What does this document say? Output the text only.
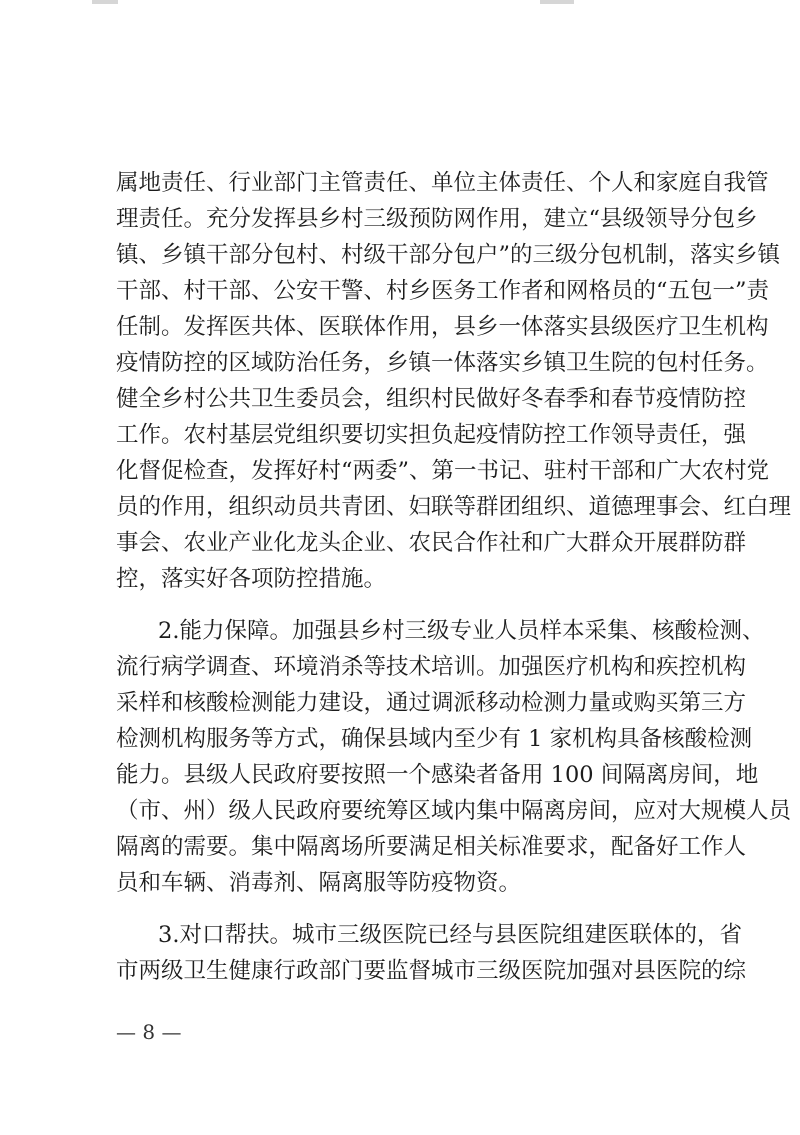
属地责任、行业部门主管责任、单位主体责任、个人和家庭自我管
理责任。充分发挥县乡村三级预防网作用，建立“县级领导分包乡
镇、乡镇干部分包村、村级干部分包户”的三级分包机制，落实乡镇
干部、村干部、公安干警、村乡医务工作者和网格员的“五包一”责
任制。发挥医共体、医联体作用，县乡一体落实县级医疗卫生机构
疫情防控的区域防治任务，乡镇一体落实乡镇卫生院的包村任务。
健全乡村公共卫生委员会，组织村民做好冬春季和春节疫情防控
工作。农村基层党组织要切实担负起疫情防控工作领导责任，强
化督促检查，发挥好村“两委”、第一书记、驻村干部和广大农村党
员的作用，组织动员共青团、妇联等群团组织、道德理事会、红白理
事会、农业产业化龙头企业、农民合作社和广大群众开展群防群
控，落实好各项防控措施。
2.能力保障。加强县乡村三级专业人员样本采集、核酸检测、
流行病学调查、环境消杀等技术培训。加强医疗机构和疾控机构
采样和核酸检测能力建设，通过调派移动检测力量或购买第三方
检测机构服务等方式，确保县域内至少有 1 家机构具备核酸检测
能力。县级人民政府要按照一个感染者备用 100 间隔离房间，地
（市、州）级人民政府要统筹区域内集中隔离房间，应对大规模人员
隔离的需要。集中隔离场所要满足相关标准要求，配备好工作人
员和车辆、消毒剂、隔离服等防疫物资。
3.对口帮扶。城市三级医院已经与县医院组建医联体的，省
市两级卫生健康行政部门要监督城市三级医院加强对县医院的综
— 8 —
